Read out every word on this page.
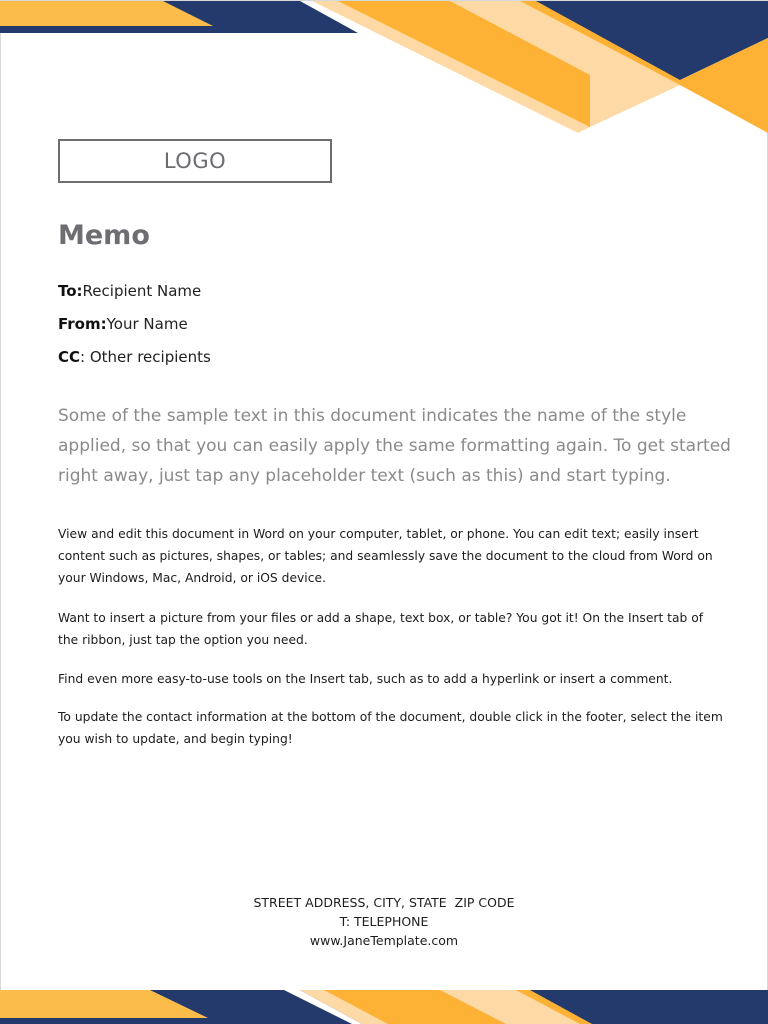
LOGO
Memo
To:Recipient Name
From:Your Name
CC: Other recipients
Some of the sample text in this document indicates the name of the style applied, so that you can easily apply the same formatting again. To get started right away, just tap any placeholder text (such as this) and start typing.
View and edit this document in Word on your computer, tablet, or phone. You can edit text; easily insert content such as pictures, shapes, or tables; and seamlessly save the document to the cloud from Word on your Windows, Mac, Android, or iOS device.
Want to insert a picture from your files or add a shape, text box, or table? You got it! On the Insert tab of the ribbon, just tap the option you need.
Find even more easy-to-use tools on the Insert tab, such as to add a hyperlink or insert a comment.
To update the contact information at the bottom of the document, double click in the footer, select the item you wish to update, and begin typing!
STREET ADDRESS, CITY, STATE  ZIP CODE
T: TELEPHONE
www.JaneTemplate.com
